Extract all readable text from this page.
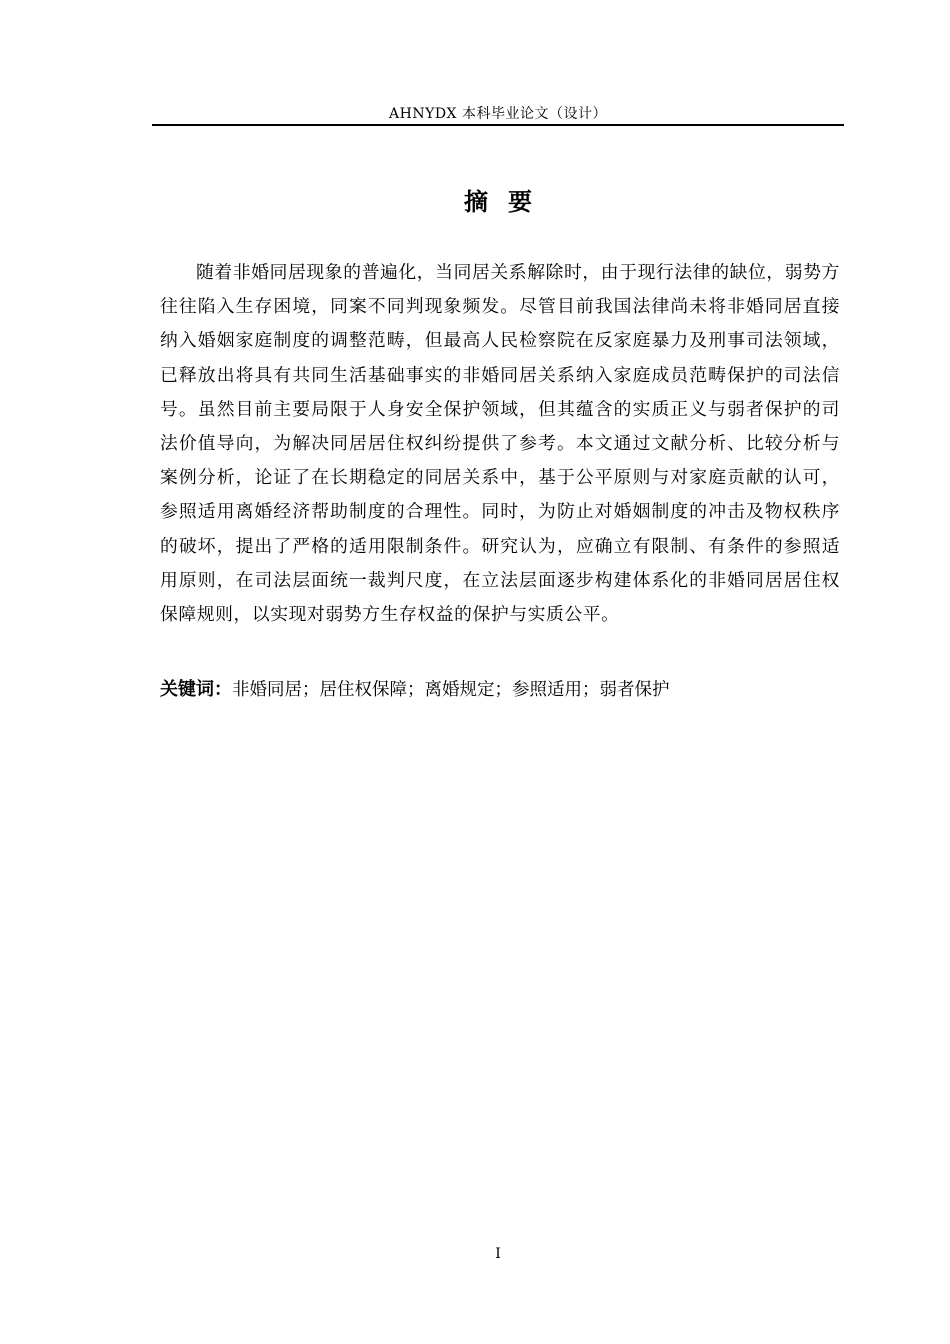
AHNYDX 本科毕业论文（设计）
摘要

随着非婚同居现象的普遍化，当同居关系解除时，由于现行法律的缺位，弱势方往往陷入生存困境，同案不同判现象频发。尽管目前我国法律尚未将非婚同居直接纳入婚姻家庭制度的调整范畴，但最高人民检察院在反家庭暴力及刑事司法领域，已释放出将具有共同生活基础事实的非婚同居关系纳入家庭成员范畴保护的司法信号。虽然目前主要局限于人身安全保护领域，但其蕴含的实质正义与弱者保护的司法价值导向，为解决同居居住权纠纷提供了参考。本文通过文献分析、比较分析与案例分析，论证了在长期稳定的同居关系中，基于公平原则与对家庭贡献的认可，参照适用离婚经济帮助制度的合理性。同时，为防止对婚姻制度的冲击及物权秩序的破坏，提出了严格的适用限制条件。研究认为，应确立有限制、有条件的参照适用原则，在司法层面统一裁判尺度，在立法层面逐步构建体系化的非婚同居居住权保障规则，以实现对弱势方生存权益的保护与实质公平。

关键词：非婚同居；居住权保障；离婚规定；参照适用；弱者保护
I
